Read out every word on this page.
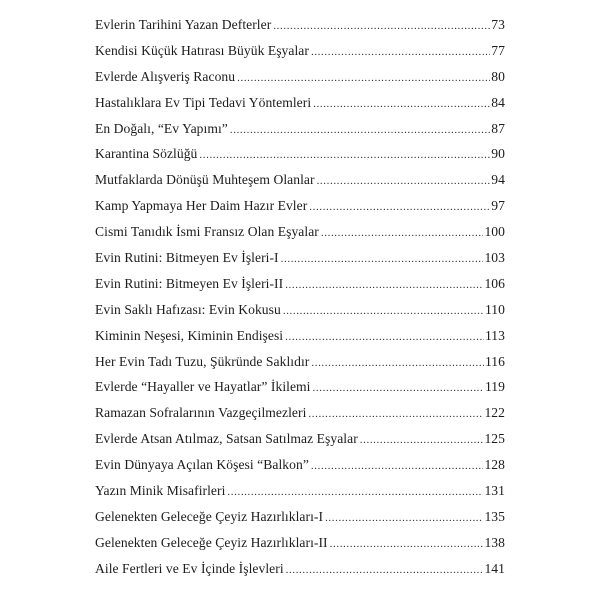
Evlerin Tarihini Yazan Defterler .....	73
Kendisi Küçük Hatırası Büyük Eşyalar .....	77
Evlerde Alışveriş Raconu .....	80
Hastalıklara Ev Tipi Tedavi Yöntemleri .....	84
En Doğalı, “Ev Yapımı” .....	87
Karantina Sözlüğü .....	90
Mutfaklarda Dönüşü Muhteşem Olanlar .....	94
Kamp Yapmaya Her Daim Hazır Evler .....	97
Cismi Tanıdık İsmi Fransız Olan Eşyalar .....	100
Evin Rutini: Bitmeyen Ev İşleri-I .....	103
Evin Rutini: Bitmeyen Ev İşleri-II .....	106
Evin Saklı Hafızası: Evin Kokusu .....	110
Kiminin Neşesi, Kiminin Endişesi .....	113
Her Evin Tadı Tuzu, Şükründe Saklıdır .....	116
Evlerde “Hayaller ve Hayatlar” İkilemi .....	119
Ramazan Sofralarının Vazgeçilmezleri .....	122
Evlerde Atsan Atılmaz, Satsan Satılmaz Eşyalar .....	125
Evin Dünyaya Açılan Köşesi “Balkon” .....	128
Yazın Minik Misafirleri .....	131
Gelenekten Geleceğe Çeyiz Hazırlıkları-I .....	135
Gelenekten Geleceğe Çeyiz Hazırlıkları-II .....	138
Aile Fertleri ve Ev İçinde İşlevleri .....	141
